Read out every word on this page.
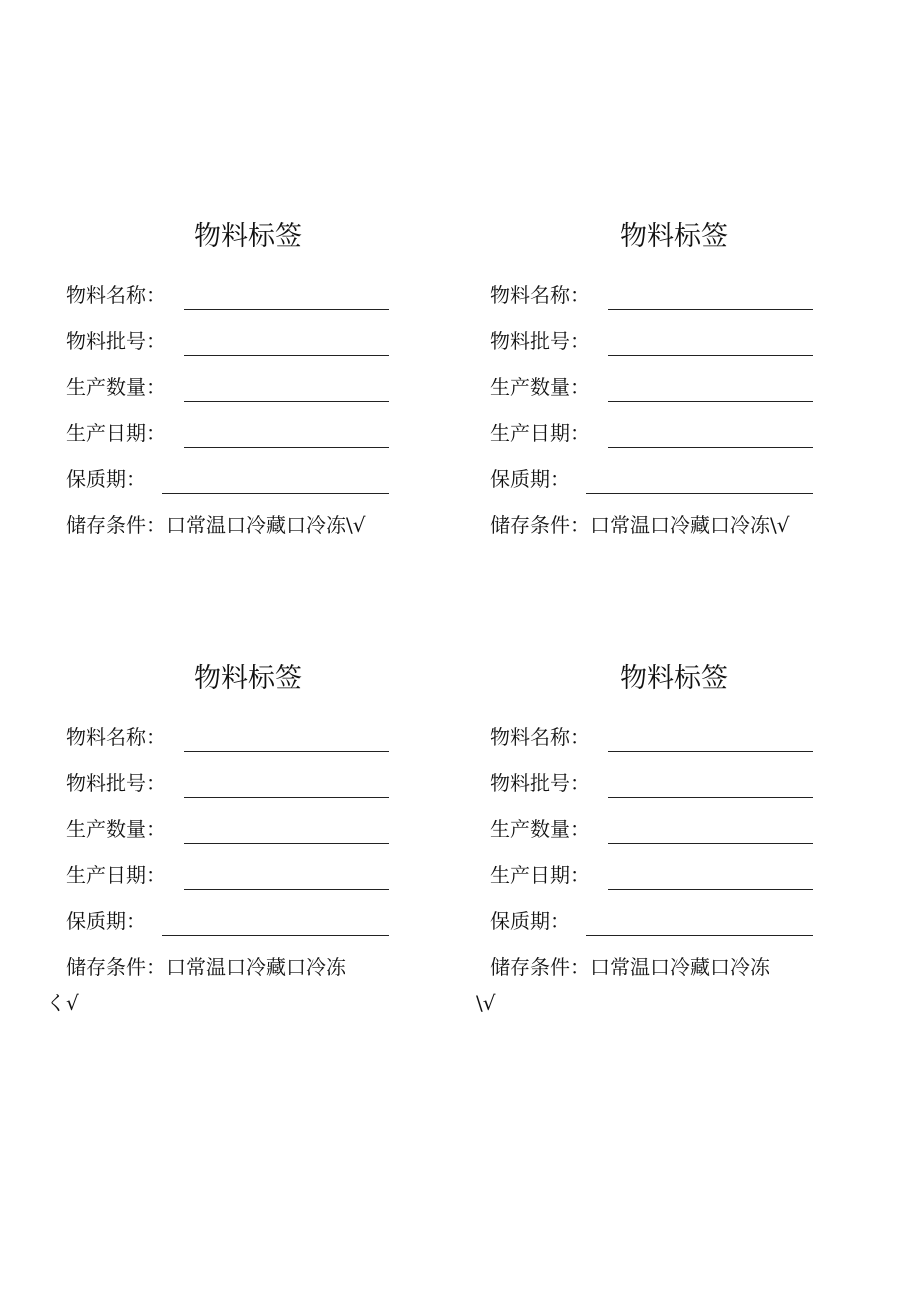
物料标签
物料名称：
物料批号：
生产数量：
生产日期：
保质期：
储存条件：口常温口冷藏口冷冻\√
物料标签
物料名称：
物料批号：
生产数量：
生产日期：
保质期：
储存条件：口常温口冷藏口冷冻\√
物料标签
物料名称：
物料批号：
生产数量：
生产日期：
保质期：
储存条件：口常温口冷藏口冷冻
く√
物料标签
物料名称：
物料批号：
生产数量：
生产日期：
保质期：
储存条件：口常温口冷藏口冷冻
\√
